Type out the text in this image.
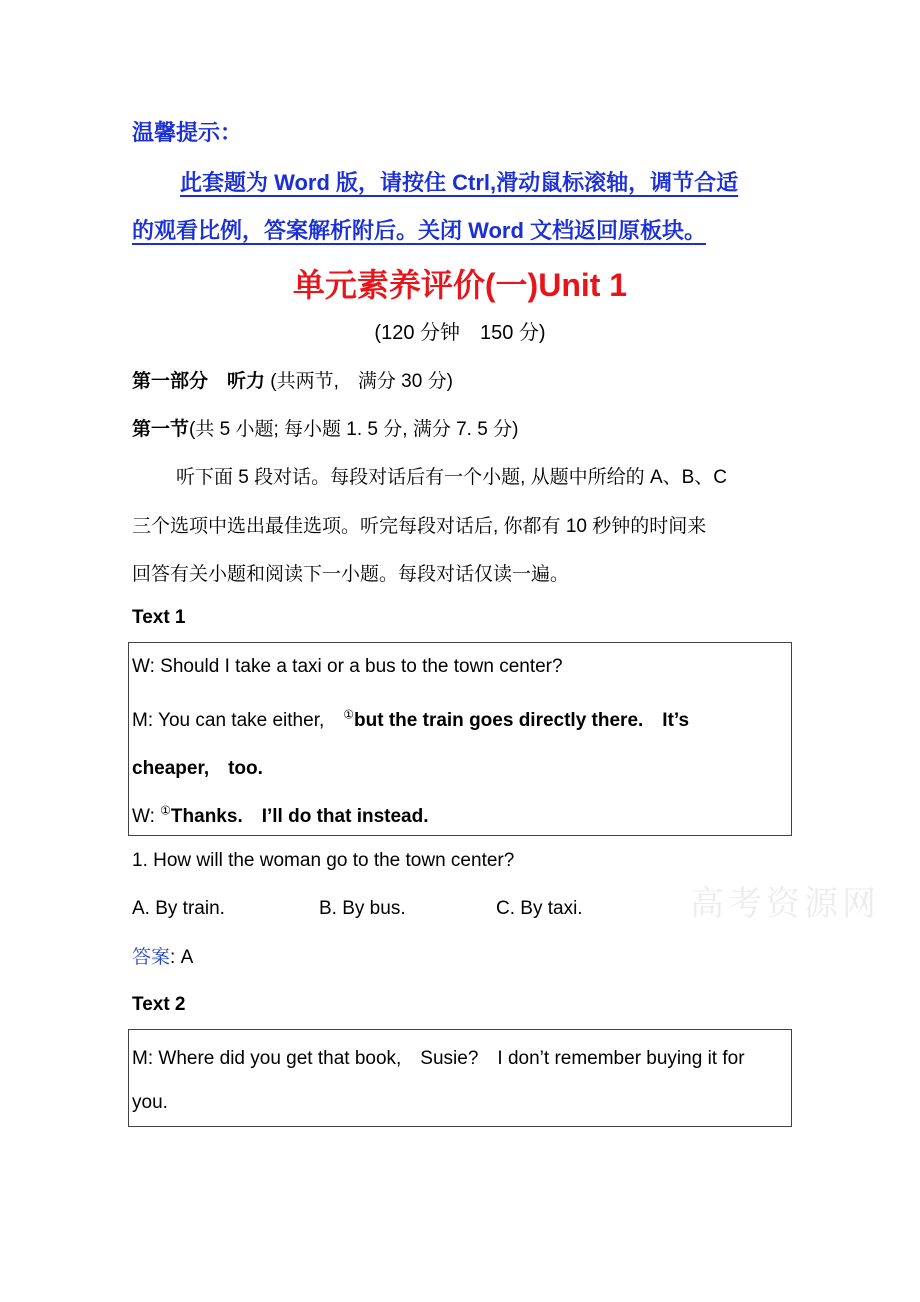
温馨提示：
此套题为 Word 版，请按住 Ctrl,滑动鼠标滚轴，调节合适
的观看比例，答案解析附后。关闭 Word 文档返回原板块。
单元素养评价(一)Unit 1
(120 分钟　150 分)
第一部分　听力 (共两节,　满分 30 分)
第一节(共 5 小题; 每小题 1. 5 分, 满分 7. 5 分)
听下面 5 段对话。每段对话后有一个小题, 从题中所给的 A、B、C
三个选项中选出最佳选项。听完每段对话后, 你都有 10 秒钟的时间来
回答有关小题和阅读下一小题。每段对话仅读一遍。
Text 1
W: Should I take a taxi or a bus to the town center?
M: You can take either,　①but the train goes directly there.　It’s
cheaper,　too.
W: ①Thanks.　I’ll do that instead.
1. How will the woman go to the town center?
A. By train.	B. By bus.	C. By taxi.
答案: A
高考资源网
Text 2
M: Where did you get that book,　Susie?　I don’t remember buying it for
you.
